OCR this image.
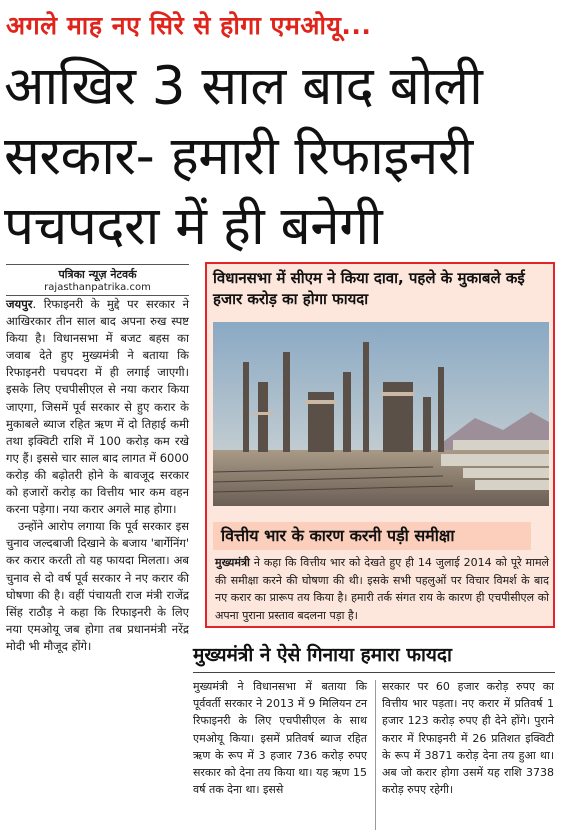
अगले माह नए सिरे से होगा एमओयू...
आखिर 3 साल बाद बोली
सरकार- हमारी रिफाइनरी
पचपदरा में ही बनेगी
पत्रिका न्यूज़ नेटवर्क
rajasthanpatrika.com

जयपुर. रिफाइनरी के मुद्दे पर सरकार ने आखिरकार तीन साल बाद अपना रुख स्पष्ट किया है। विधानसभा में बजट बहस का जवाब देते हुए मुख्यमंत्री ने बताया कि रिफाइनरी पचपदरा में ही लगाई जाएगी। इसके लिए एचपीसीएल से नया करार किया जाएगा, जिसमें पूर्व सरकार से हुए करार के मुकाबले ब्याज रहित ऋण में दो तिहाई कमी तथा इक्विटी राशि में 100 करोड़ कम रखे गए हैं। इससे चार साल बाद लागत में 6000 करोड़ की बढ़ोतरी होने के बावजूद सरकार को हजारों करोड़ का वित्तीय भार कम वहन करना पड़ेगा। नया करार अगले माह होगा।

उन्होंने आरोप लगाया कि पूर्व सरकार इस चुनाव जल्दबाजी दिखाने के बजाय 'बार्गेनिंग' कर करार करती तो यह फायदा मिलता। अब चुनाव से दो वर्ष पूर्व सरकार ने नए करार की घोषणा की है। वहीं पंचायती राज मंत्री राजेंद्र सिंह राठौड़ ने कहा कि रिफाइनरी के लिए नया एमओयू जब होगा तब प्रधानमंत्री नरेंद्र मोदी भी मौजूद होंगे।

विधानसभा में सीएम ने किया दावा, पहले के मुकाबले कई हजार करोड़ का होगा फायदा
वित्तीय भार के कारण करनी पड़ी समीक्षा
मुख्यमंत्री ने कहा कि वित्तीय भार को देखते हुए ही 14 जुलाई 2014 को पूरे मामले की समीक्षा करने की घोषणा की थी। इसके सभी पहलुओं पर विचार विमर्श के बाद नए करार का प्रारूप तय किया है। हमारी तर्क संगत राय के कारण ही एचपीसीएल को अपना पुराना प्रस्ताव बदलना पड़ा है।
मुख्यमंत्री ने ऐसे गिनाया हमारा फायदा
मुख्यमंत्री ने विधानसभा में बताया कि पूर्ववर्ती सरकार ने 2013 में 9 मिलियन टन रिफाइनरी के लिए एचपीसीएल के साथ एमओयू किया। इसमें प्रतिवर्ष ब्याज रहित ऋण के रूप में 3 हजार 736 करोड़ रुपए सरकार को देना तय किया था। यह ऋण 15 वर्ष तक देना था। इससे
सरकार पर 60 हजार करोड़ रुपए का वित्तीय भार पड़ता। नए करार में प्रतिवर्ष 1 हजार 123 करोड़ रुपए ही देने होंगे। पुराने करार में रिफाइनरी में 26 प्रतिशत इक्विटी के रूप में 3871 करोड़ देना तय हुआ था। अब जो करार होगा उसमें यह राशि 3738 करोड़ रुपए रहेगी।
